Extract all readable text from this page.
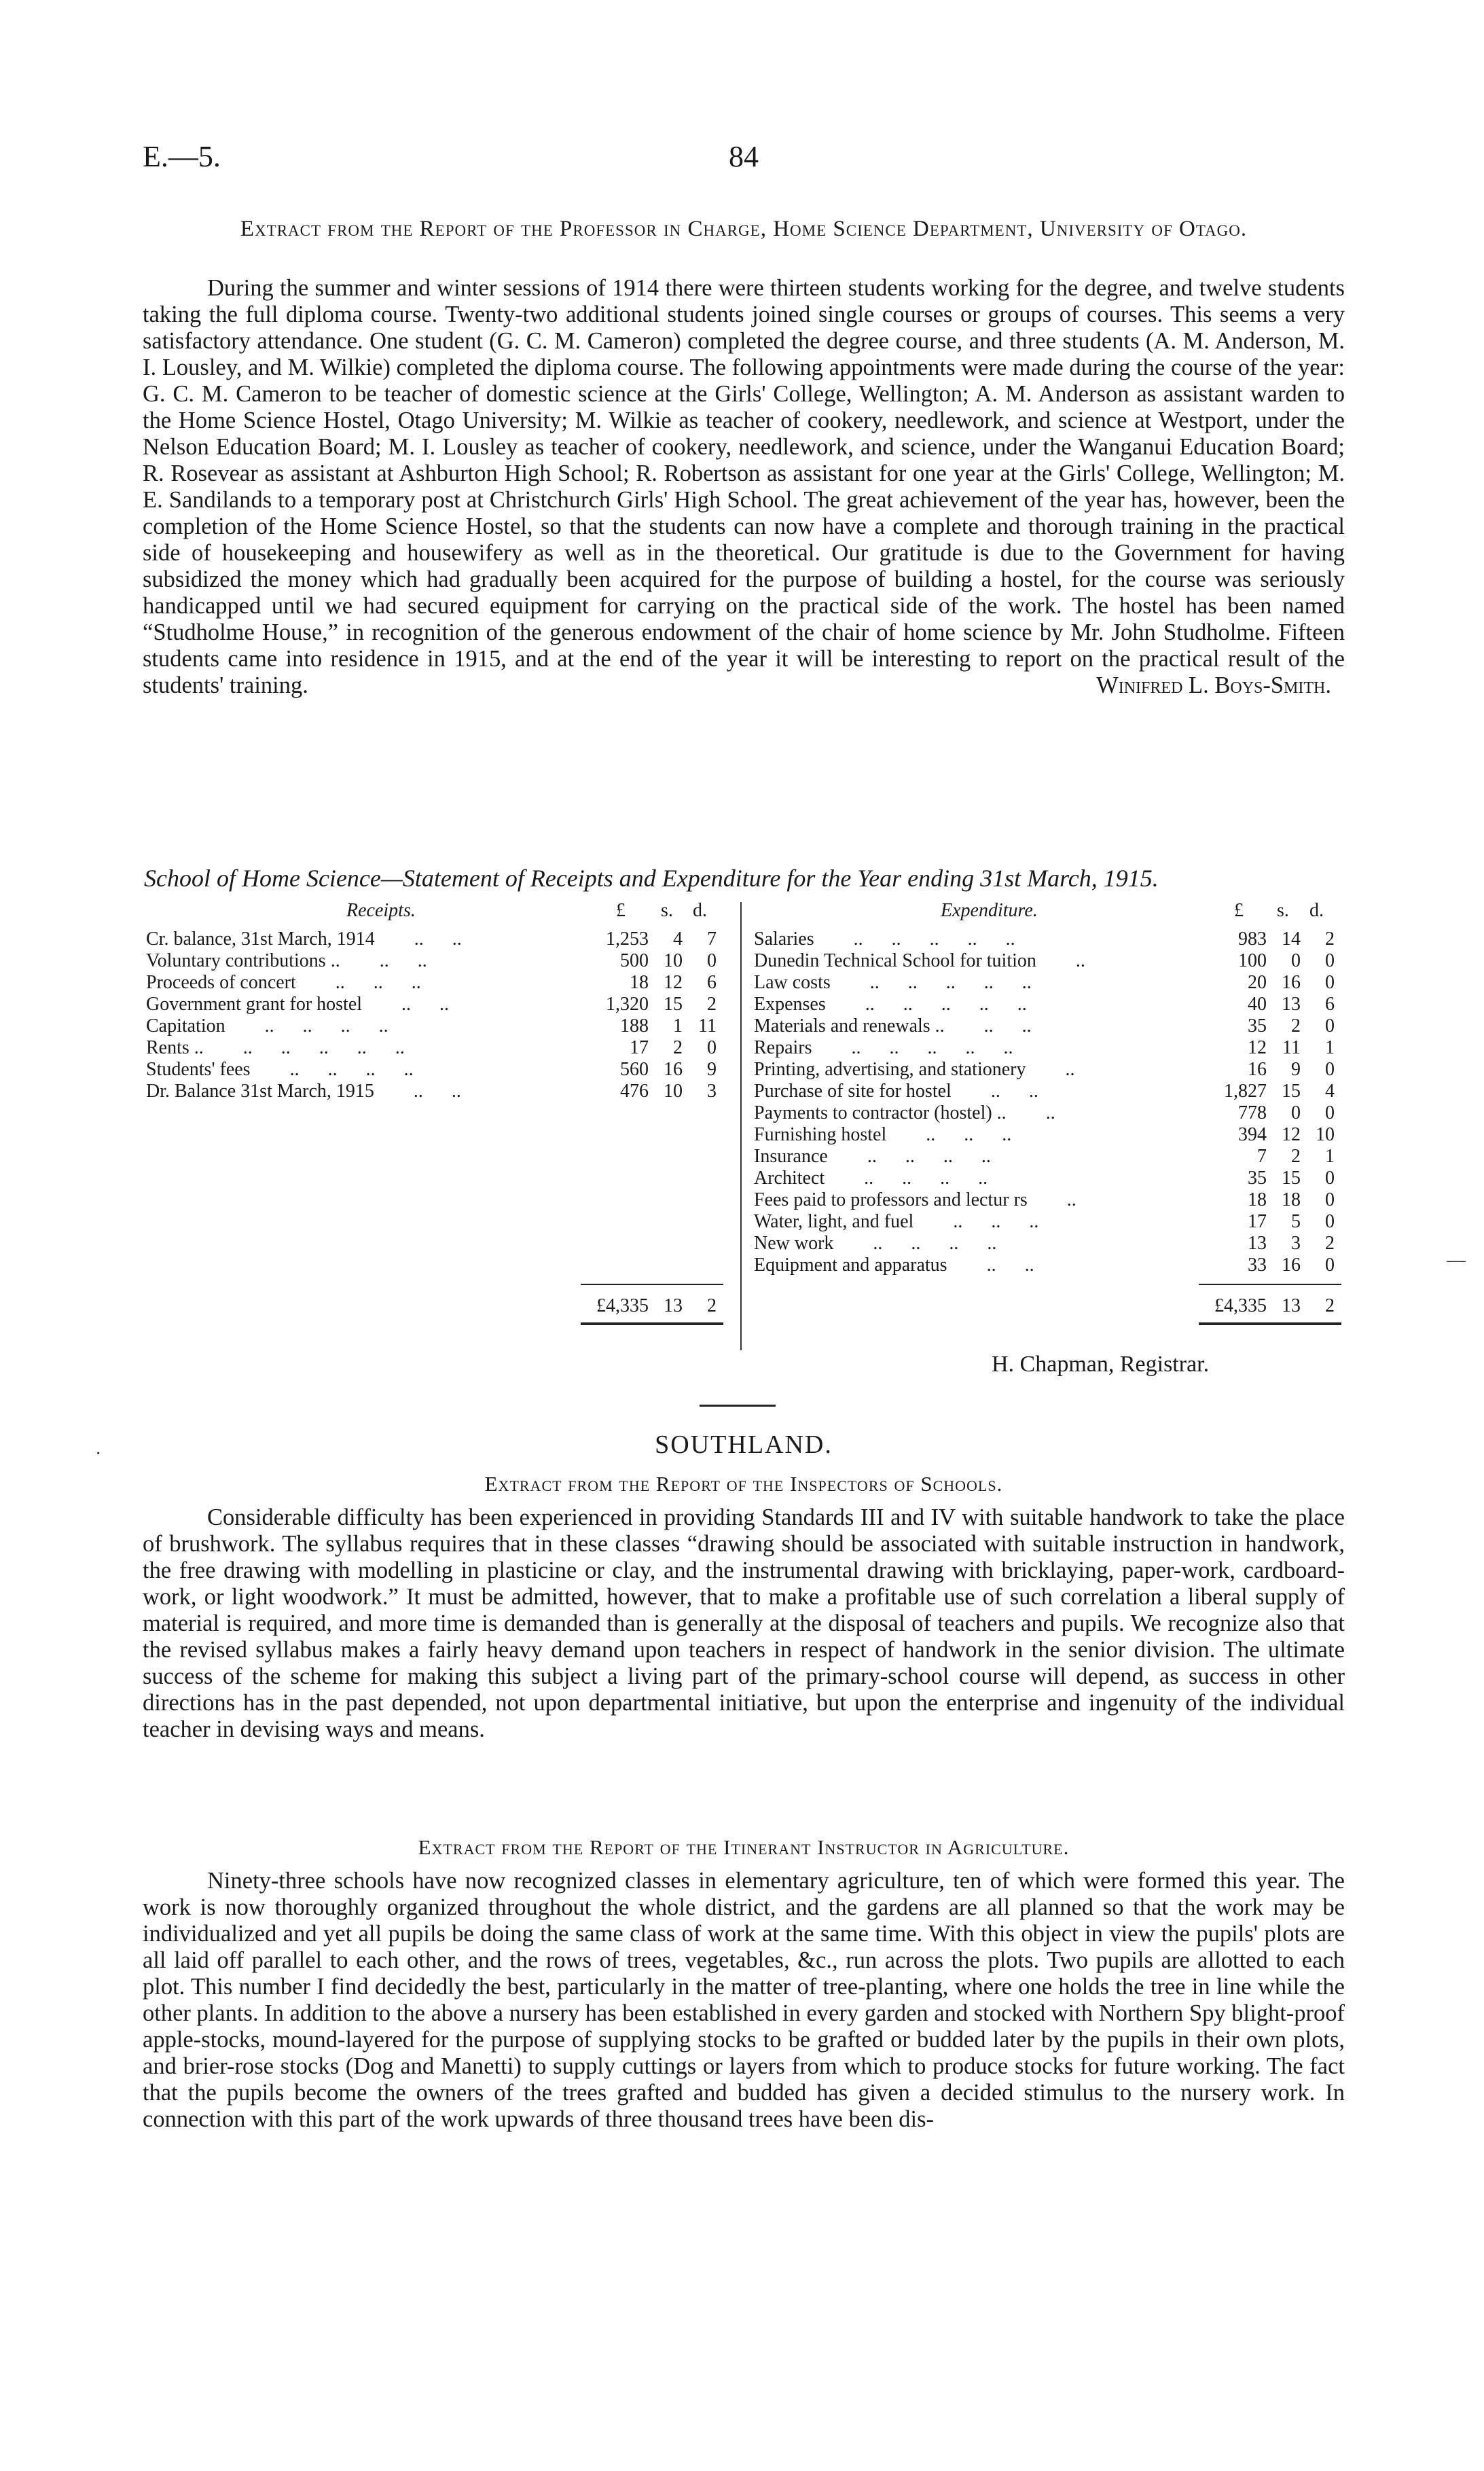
E.—5.	84
Extract from the Report of the Professor in Charge, Home Science Department, University of Otago.

During the summer and winter sessions of 1914 there were thirteen students working for the degree, and twelve students taking the full diploma course. Twenty-two additional students joined single courses or groups of courses. This seems a very satisfactory attendance. One student (G. C. M. Cameron) completed the degree course, and three students (A. M. Anderson, M. I. Lousley, and M. Wilkie) completed the diploma course. The following appointments were made during the course of the year: G. C. M. Cameron to be teacher of domestic science at the Girls' College, Wellington; A. M. Anderson as assistant warden to the Home Science Hostel, Otago University; M. Wilkie as teacher of cookery, needlework, and science at Westport, under the Nelson Education Board; M. I. Lousley as teacher of cookery, needlework, and science, under the Wanganui Education Board; R. Rosevear as assistant at Ashburton High School; R. Robertson as assistant for one year at the Girls' College, Wellington; M. E. Sandilands to a temporary post at Christchurch Girls' High School. The great achievement of the year has, however, been the completion of the Home Science Hostel, so that the students can now have a complete and thorough training in the practical side of housekeeping and housewifery as well as in the theoretical. Our gratitude is due to the Government for having subsidized the money which had gradually been acquired for the purpose of building a hostel, for the course was seriously handicapped until we had secured equipment for carrying on the practical side of the work. The hostel has been named “Studholme House,” in recognition of the generous endowment of the chair of home science by Mr. John Studholme. Fifteen students came into residence in 1915, and at the end of the year it will be interesting to report on the practical result of the students' training.	Winifred L. Boys-Smith.
School of Home Science—Statement of Receipts and Expenditure for the Year ending 31st March, 1915.
Receipts.	£ s. d.
Cr. balance, 31st March, 1914 ..      ..	1,253	4	7
Voluntary contributions .. ..      ..	500 10	0
Proceeds of concert ..      ..      ..	18 12	6
Government grant for hostel ..      ..	1,320 15	2
Capitation ..      ..      ..      ..	188	1 11
Rents .. ..      ..      ..      ..      ..	17	2	0
Students' fees ..      ..      ..      ..	560 16	9
Dr. Balance 31st March, 1915 ..      ..	476 10	3
£4,335 13	2
Expenditure.	£ s. d.
Salaries ..      ..      ..      ..      ..	983 14	2
Dunedin Technical School for tuition ..	100	0	0
Law costs ..      ..      ..      ..      ..	20 16	0
Expenses ..      ..      ..      ..      ..	40 13	6
Materials and renewals .. ..      ..	35	2	0
Repairs ..      ..      ..      ..      ..	12 11	1
Printing, advertising, and stationery ..	16	9	0
Purchase of site for hostel ..      ..	1,827 15	4
Payments to contractor (hostel) .. ..	778	0	0
Furnishing hostel ..      ..      ..	394 12 10
Insurance ..      ..      ..      ..	7	2	1
Architect ..      ..      ..      ..	35 15	0
Fees paid to professors and lectur rs ..	18 18	0
Water, light, and fuel ..      ..      ..	17	5	0
New work ..      ..      ..      ..	13	3	2
Equipment and apparatus ..      ..	33 16	0
£4,335 13	2
H. Chapman, Registrar.
SOUTHLAND.
Extract from the Report of the Inspectors of Schools.

Considerable difficulty has been experienced in providing Standards III and IV with suitable handwork to take the place of brushwork. The syllabus requires that in these classes “drawing should be associated with suitable instruction in handwork, the free drawing with modelling in plasticine or clay, and the instrumental drawing with bricklaying, paper-work, cardboard-work, or light woodwork.” It must be admitted, however, that to make a profitable use of such correlation a liberal supply of material is required, and more time is demanded than is generally at the disposal of teachers and pupils. We recognize also that the revised syllabus makes a fairly heavy demand upon teachers in respect of handwork in the senior division. The ultimate success of the scheme for making this subject a living part of the primary-school course will depend, as success in other directions has in the past depended, not upon departmental initiative, but upon the enterprise and ingenuity of the individual teacher in devising ways and means.

Extract from the Report of the Itinerant Instructor in Agriculture.

Ninety-three schools have now recognized classes in elementary agriculture, ten of which were formed this year. The work is now thoroughly organized throughout the whole district, and the gardens are all planned so that the work may be individualized and yet all pupils be doing the same class of work at the same time. With this object in view the pupils' plots are all laid off parallel to each other, and the rows of trees, vegetables, &c., run across the plots. Two pupils are allotted to each plot. This number I find decidedly the best, particularly in the matter of tree-planting, where one holds the tree in line while the other plants. In addition to the above a nursery has been established in every garden and stocked with Northern Spy blight-proof apple-stocks, mound-layered for the purpose of supplying stocks to be grafted or budded later by the pupils in their own plots, and brier-rose stocks (Dog and Manetti) to supply cuttings or layers from which to produce stocks for future working. The fact that the pupils become the owners of the trees grafted and budded has given a decided stimulus to the nursery work. In connection with this part of the work upwards of three thousand trees have been dis-

—
·
